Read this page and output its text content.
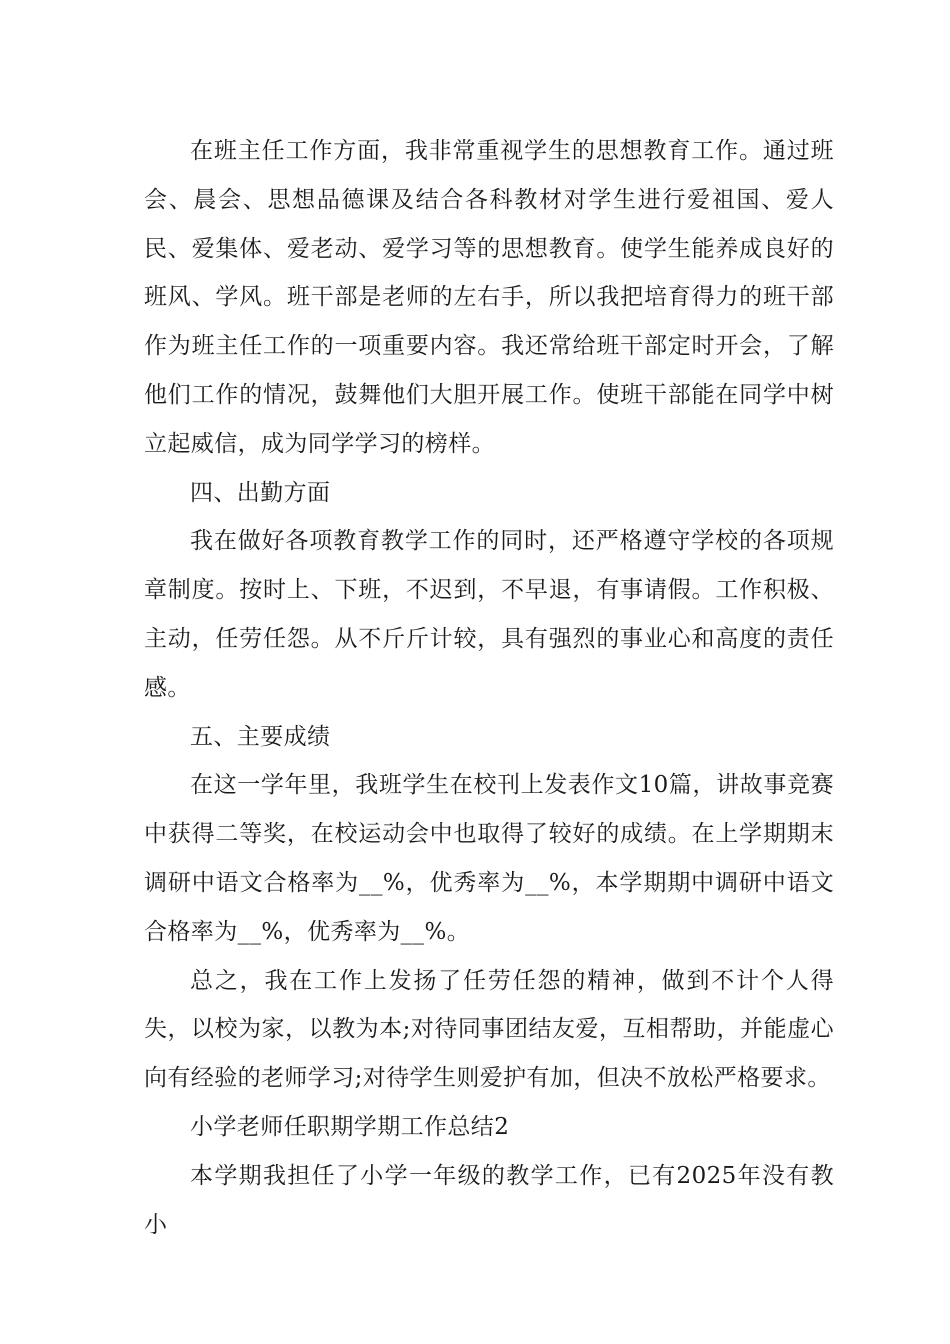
在班主任工作方面，我非常重视学生的思想教育工作。通过班会、晨会、思想品德课及结合各科教材对学生进行爱祖国、爱人民、爱集体、爱老动、爱学习等的思想教育。使学生能养成良好的班风、学风。班干部是老师的左右手，所以我把培育得力的班干部作为班主任工作的一项重要内容。我还常给班干部定时开会，了解他们工作的情况，鼓舞他们大胆开展工作。使班干部能在同学中树立起威信，成为同学学习的榜样。

四、出勤方面

我在做好各项教育教学工作的同时，还严格遵守学校的各项规章制度。按时上、下班，不迟到，不早退，有事请假。工作积极、主动，任劳任怨。从不斤斤计较，具有强烈的事业心和高度的责任感。

五、主要成绩

在这一学年里，我班学生在校刊上发表作文10篇，讲故事竞赛中获得二等奖，在校运动会中也取得了较好的成绩。在上学期期末调研中语文合格率为__%，优秀率为__%，本学期期中调研中语文合格率为__%，优秀率为__%。

总之，我在工作上发扬了任劳任怨的精神，做到不计个人得失，以校为家，以教为本;对待同事团结友爱，互相帮助，并能虚心向有经验的老师学习;对待学生则爱护有加，但决不放松严格要求。

小学老师任职期学期工作总结2

本学期我担任了小学一年级的教学工作，已有2025年没有教小
